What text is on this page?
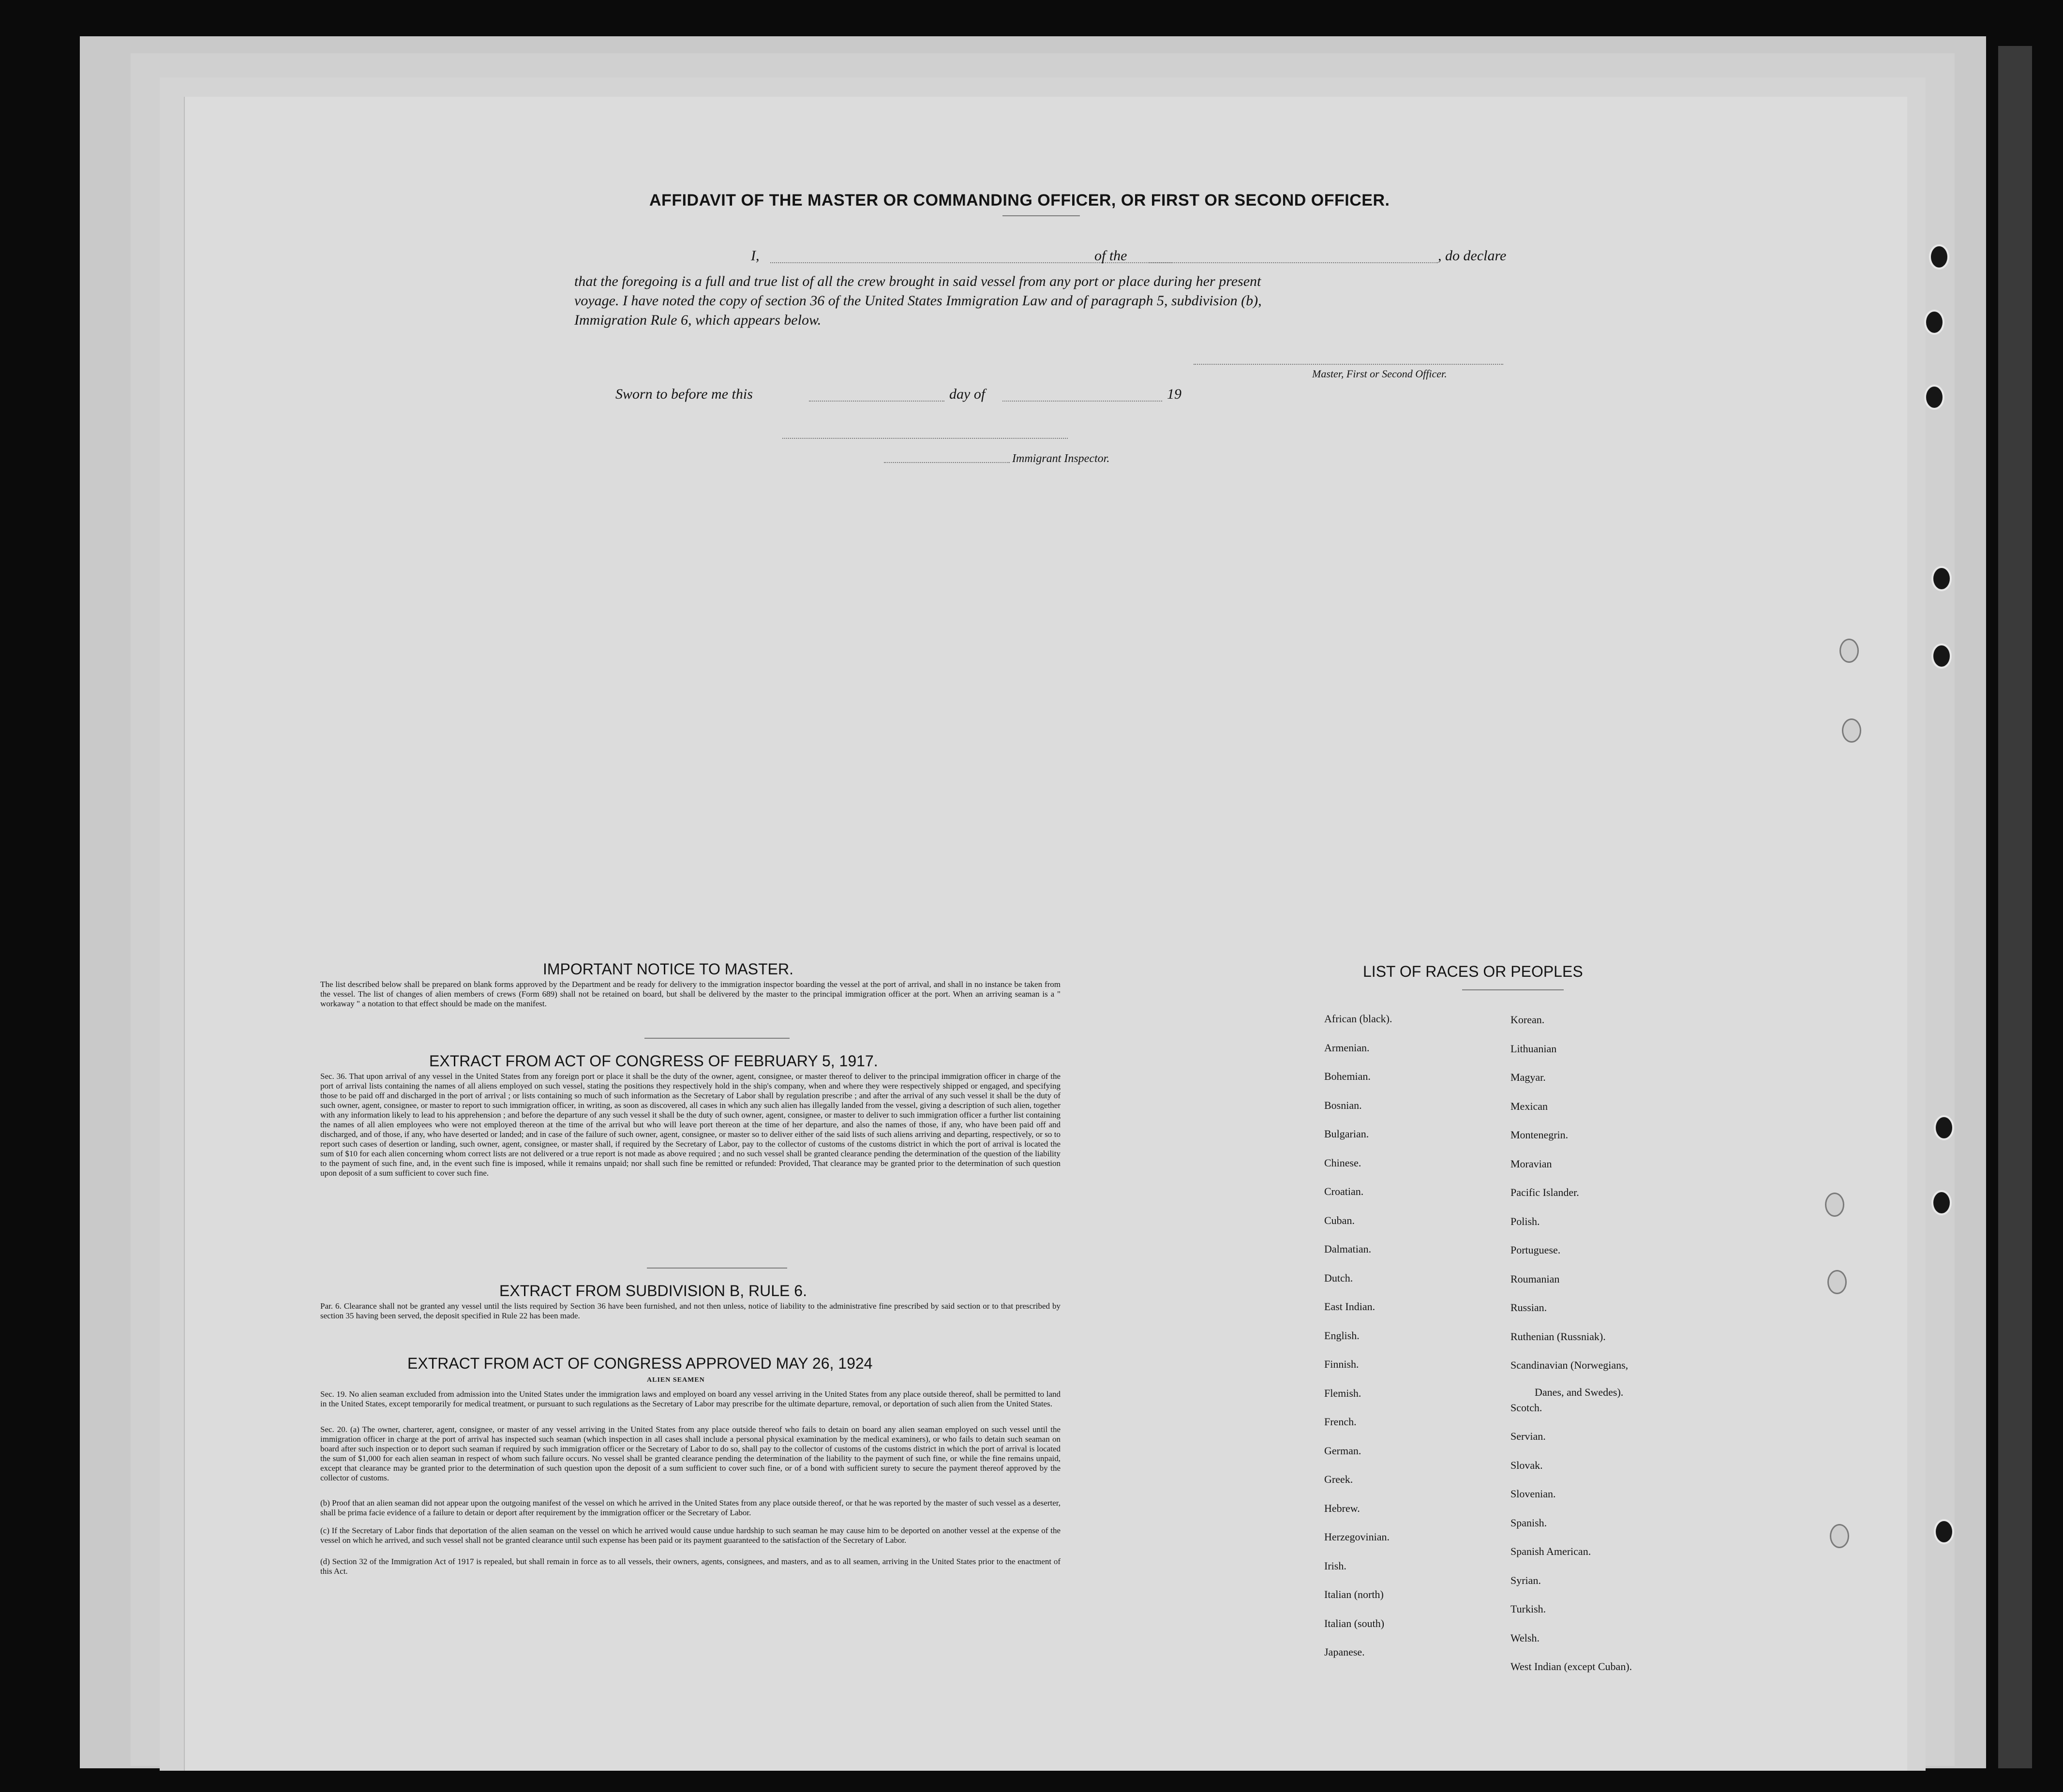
AFFIDAVIT OF THE MASTER OR COMMANDING OFFICER, OR FIRST OR SECOND OFFICER.
I,	of the	, do declare
that the foregoing is a full and true list of all the crew brought in said vessel from any port or place during her present
voyage. I have noted the copy of section 36 of the United States Immigration Law and of paragraph 5, subdivision (b),
Immigration Rule 6, which appears below.
Master, First or Second Officer.
Sworn to before me this	day of	19
Immigrant Inspector.
IMPORTANT NOTICE TO MASTER.
The list described below shall be prepared on blank forms approved by the Department and be ready for delivery to the immigration inspector boarding the vessel at the port of arrival, and shall in no instance be taken from the vessel. The list of changes of alien members of crews (Form 689) shall not be retained on board, but shall be delivered by the master to the principal immigration officer at the port. When an arriving seaman is a " workaway " a notation to that effect should be made on the manifest.
EXTRACT FROM ACT OF CONGRESS OF FEBRUARY 5, 1917.
Sec. 36. That upon arrival of any vessel in the United States from any foreign port or place it shall be the duty of the owner, agent, consignee, or master thereof to deliver to the principal immigration officer in charge of the port of arrival lists containing the names of all aliens employed on such vessel, stating the positions they respectively hold in the ship's company, when and where they were respectively shipped or engaged, and specifying those to be paid off and discharged in the port of arrival ; or lists containing so much of such information as the Secretary of Labor shall by regulation prescribe ; and after the arrival of any such vessel it shall be the duty of such owner, agent, consignee, or master to report to such immigration officer, in writing, as soon as discovered, all cases in which any such alien has illegally landed from the vessel, giving a description of such alien, together with any information likely to lead to his apprehension ; and before the departure of any such vessel it shall be the duty of such owner, agent, consignee, or master to deliver to such immigration officer a further list containing the names of all alien employees who were not employed thereon at the time of the arrival but who will leave port thereon at the time of her departure, and also the names of those, if any, who have been paid off and discharged, and of those, if any, who have deserted or landed; and in case of the failure of such owner, agent, consignee, or master so to deliver either of the said lists of such aliens arriving and departing, respectively, or so to report such cases of desertion or landing, such owner, agent, consignee, or master shall, if required by the Secretary of Labor, pay to the collector of customs of the customs district in which the port of arrival is located the sum of $10 for each alien concerning whom correct lists are not delivered or a true report is not made as above required ; and no such vessel shall be granted clearance pending the determination of the question of the liability to the payment of such fine, and, in the event such fine is imposed, while it remains unpaid; nor shall such fine be remitted or refunded: Provided, That clearance may be granted prior to the determination of such question upon deposit of a sum sufficient to cover such fine.
EXTRACT FROM SUBDIVISION B, RULE 6.
Par. 6. Clearance shall not be granted any vessel until the lists required by Section 36 have been furnished, and not then unless, notice of liability to the administrative fine prescribed by said section or to that prescribed by section 35 having been served, the deposit specified in Rule 22 has been made.
EXTRACT FROM ACT OF CONGRESS APPROVED MAY 26, 1924
ALIEN SEAMEN
Sec. 19. No alien seaman excluded from admission into the United States under the immigration laws and employed on board any vessel arriving in the United States from any place outside thereof, shall be permitted to land in the United States, except temporarily for medical treatment, or pursuant to such regulations as the Secretary of Labor may prescribe for the ultimate departure, removal, or deportation of such alien from the United States.
Sec. 20. (a) The owner, charterer, agent, consignee, or master of any vessel arriving in the United States from any place outside thereof who fails to detain on board any alien seaman employed on such vessel until the immigration officer in charge at the port of arrival has inspected such seaman (which inspection in all cases shall include a personal physical examination by the medical examiners), or who fails to detain such seaman on board after such inspection or to deport such seaman if required by such immigration officer or the Secretary of Labor to do so, shall pay to the collector of customs of the customs district in which the port of arrival is located the sum of $1,000 for each alien seaman in respect of whom such failure occurs. No vessel shall be granted clearance pending the determination of the liability to the payment of such fine, or while the fine remains unpaid, except that clearance may be granted prior to the determination of such question upon the deposit of a sum sufficient to cover such fine, or of a bond with sufficient surety to secure the payment thereof approved by the collector of customs.
(b) Proof that an alien seaman did not appear upon the outgoing manifest of the vessel on which he arrived in the United States from any place outside thereof, or that he was reported by the master of such vessel as a deserter, shall be prima facie evidence of a failure to detain or deport after requirement by the immigration officer or the Secretary of Labor.
(c) If the Secretary of Labor finds that deportation of the alien seaman on the vessel on which he arrived would cause undue hardship to such seaman he may cause him to be deported on another vessel at the expense of the vessel on which he arrived, and such vessel shall not be granted clearance until such expense has been paid or its payment guaranteed to the satisfaction of the Secretary of Labor.
(d) Section 32 of the Immigration Act of 1917 is repealed, but shall remain in force as to all vessels, their owners, agents, consignees, and masters, and as to all seamen, arriving in the United States prior to the enactment of this Act.
LIST OF RACES OR PEOPLES
Danes, and Swedes).
African (black).
Armenian.
Bohemian.
Bosnian.
Bulgarian.
Chinese.
Croatian.
Cuban.
Dalmatian.
Dutch.
East Indian.
English.
Finnish.
Flemish.
French.
German.
Greek.
Hebrew.
Herzegovinian.
Irish.
Italian (north)
Italian (south)
Japanese.
Korean.
Lithuanian
Magyar.
Mexican
Montenegrin.
Moravian
Pacific Islander.
Polish.
Portuguese.
Roumanian
Russian.
Ruthenian (Russniak).
Scandinavian (Norwegians,
Scotch.
Servian.
Slovak.
Slovenian.
Spanish.
Spanish American.
Syrian.
Turkish.
Welsh.
West Indian (except Cuban).
